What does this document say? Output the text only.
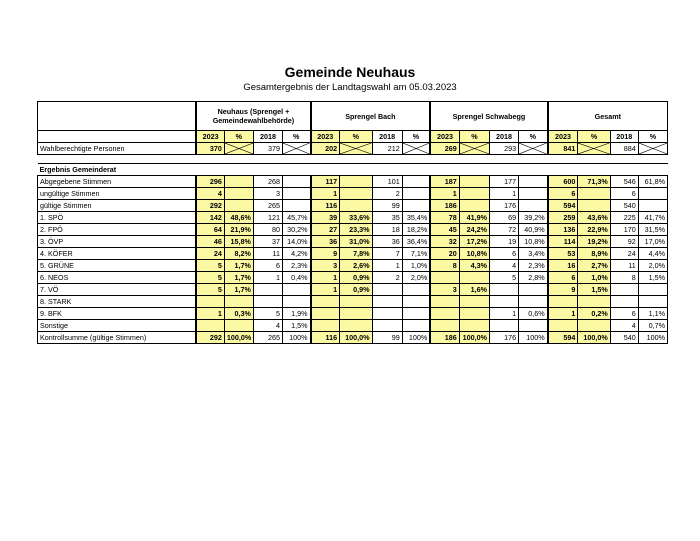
Gemeinde Neuhaus
Gesamtergebnis der Landtagswahl am 05.03.2023
	Neuhaus (Sprengel + Gemeindewahlbehörde)				Sprengel Bach				Sprengel Schwabegg				Gesamt			
	2023	%	2018	%	2023	%	2018	%	2023	%	2018	%	2023	%	2018	%
Wahlberechtigte Personen	370		379		202		212		269		293		841		884	

Ergebnis Gemeinderat																
Abgegebene Stimmen	296		268		117		101		187		177		600	71,3%	546	61,8%
ungültige Stimmen	4		3		1		2		1		1		6		6	
gültige Stimmen	292		265		116		99		186		176		594		540	
1. SPÖ	142	48,6%	121	45,7%	39	33,6%	35	35,4%	78	41,9%	69	39,2%	259	43,6%	225	41,7%
2. FPÖ	64	21,9%	80	30,2%	27	23,3%	18	18,2%	45	24,2%	72	40,9%	136	22,9%	170	31,5%
3. ÖVP	46	15,8%	37	14,0%	36	31,0%	36	36,4%	32	17,2%	19	10,8%	114	19,2%	92	17,0%
4. KÖFER	24	8,2%	11	4,2%	9	7,8%	7	7,1%	20	10,8%	6	3,4%	53	8,9%	24	4,4%
5. GRÜNE	5	1,7%	6	2,3%	3	2,6%	1	1,0%	8	4,3%	4	2,3%	16	2,7%	11	2,0%
6. NEOS	5	1,7%	1	0,4%	1	0,9%	2	2,0%			5	2,8%	6	1,0%	8	1,5%
7. VÖ	5	1,7%			1	0,9%			3	1,6%			9	1,5%		
8. STARK																
9. BFK	1	0,3%	5	1,9%							1	0,6%	1	0,2%	6	1,1%
Sonstige			4	1,5%											4	0,7%
Kontrollsumme (gültige Stimmen)	292	100,0%	265	100%	116	100,0%	99	100%	186	100,0%	176	100%	594	100,0%	540	100%
